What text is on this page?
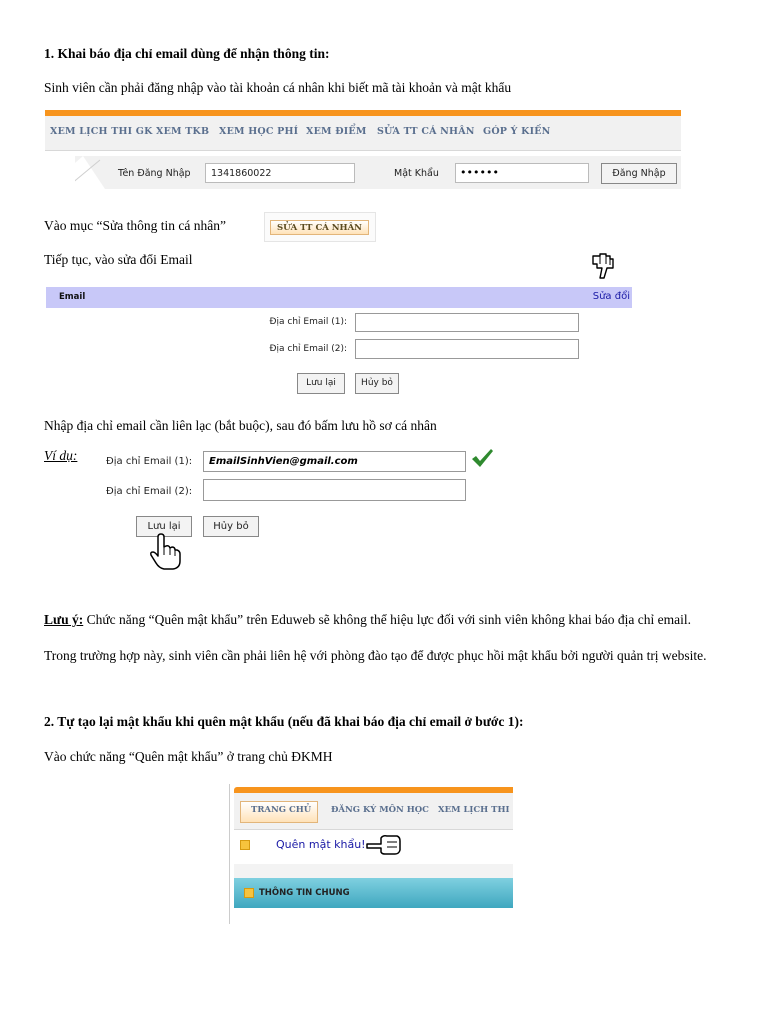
1. Khai báo địa chỉ email dùng để nhận thông tin:
Sinh viên cần phải đăng nhập vào tài khoản cá nhân khi biết mã tài khoản và mật khẩu
XEM LỊCH THI GK XEM TKB XEM HỌC PHÍ XEM ĐIỂM SỬA TT CÁ NHÂN GÓP Ý KIẾN
Tên Đăng Nhập 1341860022	Mật Khẩu ••••••	Đăng Nhập
Vào mục “Sửa thông tin cá nhân”	SỬA TT CÁ NHÂN
Tiếp tục, vào sửa đổi Email
Email	Sửa đổi
Địa chỉ Email (1):
Địa chỉ Email (2):
Lưu lại	Hủy bỏ
Nhập địa chỉ email cần liên lạc (bắt buộc), sau đó bấm lưu hồ sơ cá nhân
Ví dụ:	Địa chỉ Email (1): EmailSinhVien@gmail.com
Địa chỉ Email (2):
Lưu lại	Hủy bỏ
Lưu ý: Chức năng “Quên mật khẩu” trên Eduweb sẽ không thể hiệu lực đối với sinh viên không khai báo địa chỉ email.
Trong trường hợp này, sinh viên cần phải liên hệ với phòng đào tạo để được phục hồi mật khẩu bởi người quản trị website.
2. Tự tạo lại mật khẩu khi quên mật khẩu (nếu đã khai báo địa chỉ email ở bước 1):
Vào chức năng “Quên mật khẩu” ở trang chủ ĐKMH
TRANG CHỦ ĐĂNG KÝ MÔN HỌC XEM LỊCH THI
Quên mật khẩu!
THÔNG TIN CHUNG
